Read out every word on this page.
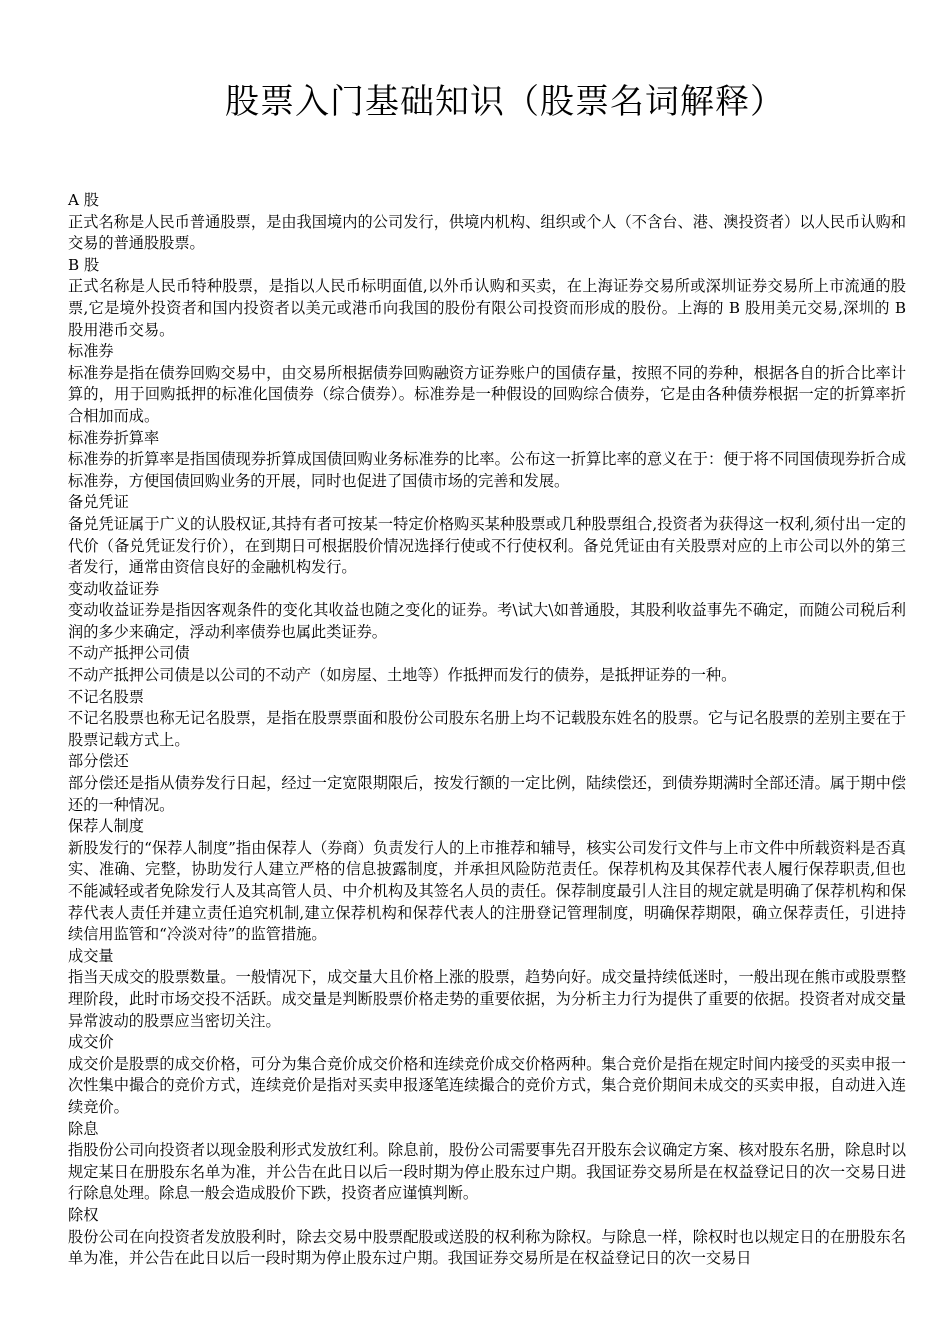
股票入门基础知识（股票名词解释）

A 股

正式名称是人民币普通股票，是由我国境内的公司发行，供境内机构、组织或个人（不含台、港、澳投资者）以人民币认购和交易的普通股股票。

B 股

正式名称是人民币特种股票，是指以人民币标明面值,以外币认购和买卖，在上海证券交易所或深圳证券交易所上市流通的股票,它是境外投资者和国内投资者以美元或港币向我国的股份有限公司投资而形成的股份。上海的 B 股用美元交易,深圳的 B 股用港币交易。

标准券

标准券是指在债券回购交易中，由交易所根据债券回购融资方证券账户的国债存量，按照不同的券种，根据各自的折合比率计算的，用于回购抵押的标准化国债券（综合债券）。标准券是一种假设的回购综合债券，它是由各种债券根据一定的折算率折合相加而成。

标准券折算率

标准券的折算率是指国债现券折算成国债回购业务标准券的比率。公布这一折算比率的意义在于：便于将不同国债现券折合成标准券，方便国债回购业务的开展，同时也促进了国债市场的完善和发展。

备兑凭证

备兑凭证属于广义的认股权证,其持有者可按某一特定价格购买某种股票或几种股票组合,投资者为获得这一权利,须付出一定的代价（备兑凭证发行价），在到期日可根据股价情况选择行使或不行使权利。备兑凭证由有关股票对应的上市公司以外的第三者发行，通常由资信良好的金融机构发行。

变动收益证券

变动收益证券是指因客观条件的变化其收益也随之变化的证券。考\试大\如普通股，其股利收益事先不确定，而随公司税后利润的多少来确定，浮动利率债券也属此类证券。

不动产抵押公司债

不动产抵押公司债是以公司的不动产（如房屋、土地等）作抵押而发行的债券，是抵押证券的一种。

不记名股票

不记名股票也称无记名股票，是指在股票票面和股份公司股东名册上均不记载股东姓名的股票。它与记名股票的差别主要在于股票记载方式上。

部分偿还

部分偿还是指从债券发行日起，经过一定宽限期限后，按发行额的一定比例，陆续偿还，到债券期满时全部还清。属于期中偿还的一种情况。

保荐人制度

新股发行的“保荐人制度”指由保荐人（券商）负责发行人的上市推荐和辅导，核实公司发行文件与上市文件中所载资料是否真实、准确、完整，协助发行人建立严格的信息披露制度，并承担风险防范责任。保荐机构及其保荐代表人履行保荐职责,但也不能减轻或者免除发行人及其高管人员、中介机构及其签名人员的责任。保荐制度最引人注目的规定就是明确了保荐机构和保荐代表人责任并建立责任追究机制,建立保荐机构和保荐代表人的注册登记管理制度，明确保荐期限，确立保荐责任，引进持续信用监管和“冷淡对待”的监管措施。

成交量

指当天成交的股票数量。一般情况下，成交量大且价格上涨的股票，趋势向好。成交量持续低迷时，一般出现在熊市或股票整理阶段，此时市场交投不活跃。成交量是判断股票价格走势的重要依据，为分析主力行为提供了重要的依据。投资者对成交量异常波动的股票应当密切关注。

成交价

成交价是股票的成交价格，可分为集合竞价成交价格和连续竞价成交价格两种。集合竞价是指在规定时间内接受的买卖申报一次性集中撮合的竞价方式，连续竞价是指对买卖申报逐笔连续撮合的竞价方式，集合竞价期间未成交的买卖申报，自动进入连续竞价。

除息

指股份公司向投资者以现金股利形式发放红利。除息前，股份公司需要事先召开股东会议确定方案、核对股东名册，除息时以规定某日在册股东名单为准，并公告在此日以后一段时期为停止股东过户期。我国证券交易所是在权益登记日的次一交易日进行除息处理。除息一般会造成股价下跌，投资者应谨慎判断。

除权

股份公司在向投资者发放股利时，除去交易中股票配股或送股的权利称为除权。与除息一样，除权时也以规定日的在册股东名单为准，并公告在此日以后一段时期为停止股东过户期。我国证券交易所是在权益登记日的次一交易日
